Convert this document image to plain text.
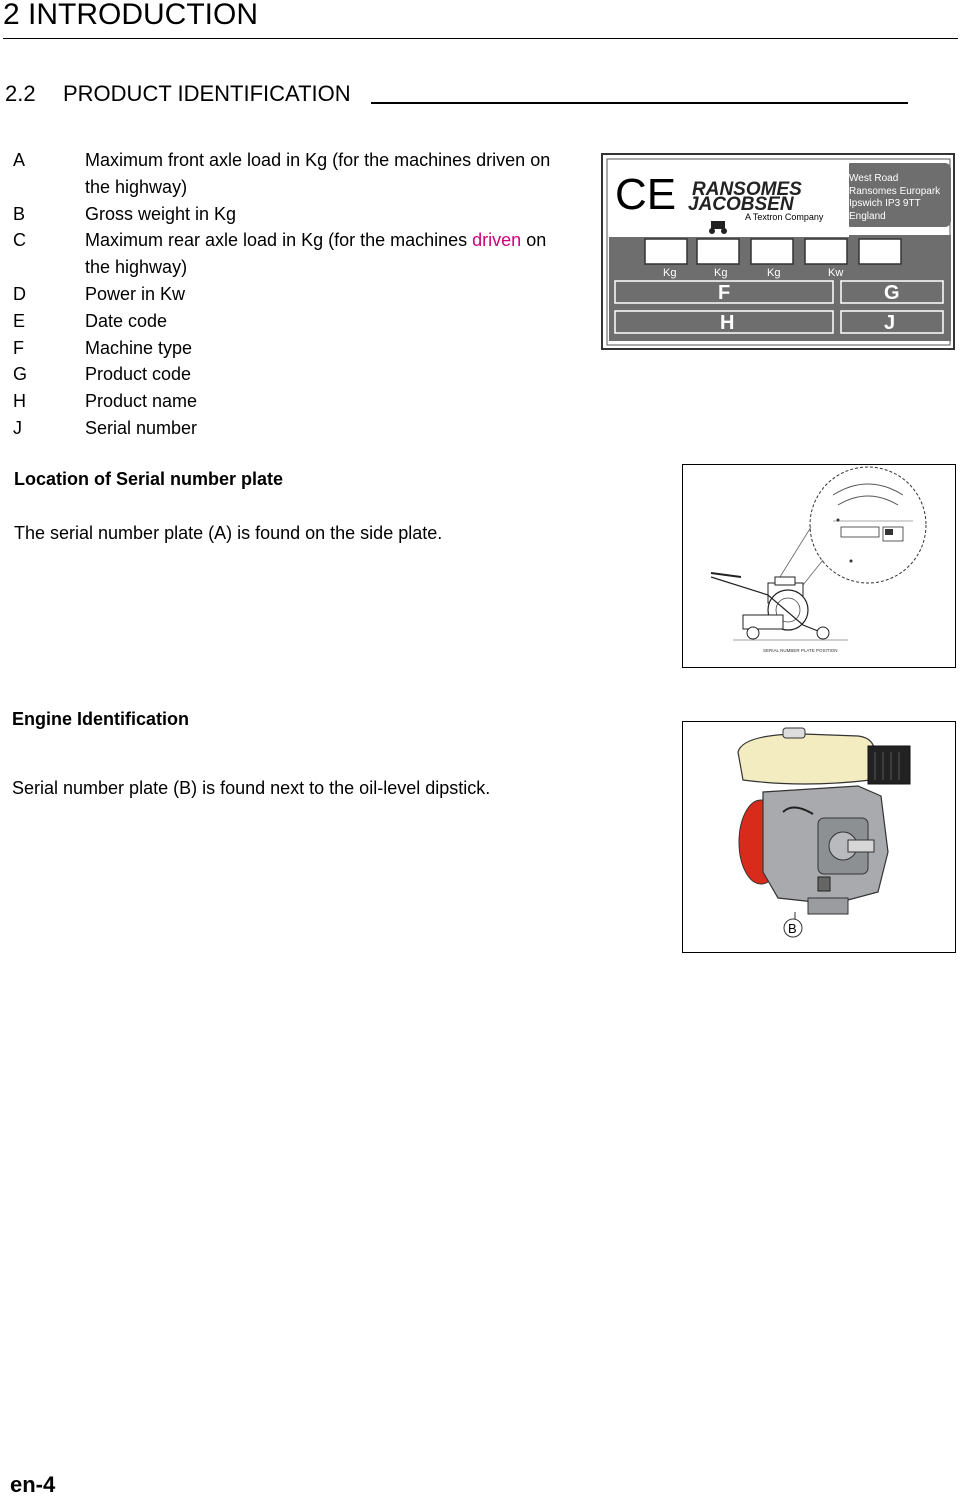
2 INTRODUCTION
2.2 PRODUCT IDENTIFICATION
A	Maximum front axle load in Kg (for the machines driven on
the highway)
B	Gross weight in Kg
C	Maximum rear axle load in Kg (for the machines driven on
the highway)
D	Power in Kw
E	Date code
F	Machine type
G	Product code
H	Product name
J	Serial number
CE RANSOMES
JACOBSEN
A Textron Company
West Road
Ransomes Europark
Ipswich IP3 9TT
England
A B C D E
Kg	Kg	Kg	Kw
F	G
H	J
Location of Serial number plate
The serial number plate (A) is found on the side plate.
SERIAL NUMBER PLATE POSITION
Engine Identification
Serial number plate (B) is found next to the oil-level dipstick.
B
en-4
